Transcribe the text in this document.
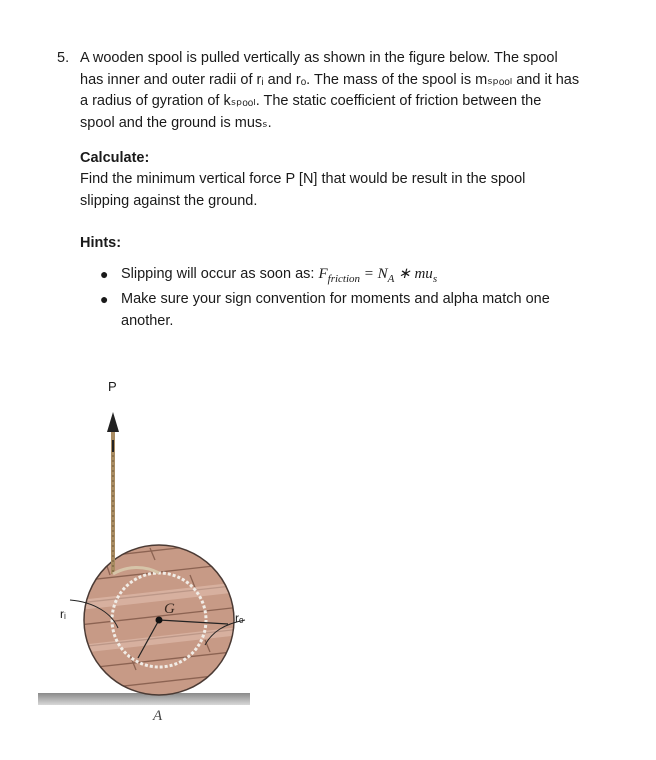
5. A wooden spool is pulled vertically as shown in the figure below. The spool
has inner and outer radii of rᵢ and rₒ. The mass of the spool is mₛₚₒₒₗ and it has
a radius of gyration of kₛₚₒₒₗ. The static coefficient of friction between the
spool and the ground is musₛ.
Calculate:
Find the minimum vertical force P [N] that would be result in the spool
slipping against the ground.
Hints:
● Slipping will occur as soon as: $F_{friction} = N_A$ ∗ $mu_s$
● Make sure your sign convention for moments and alpha match one
another.
P
G
rᵢ	rₒ
A
